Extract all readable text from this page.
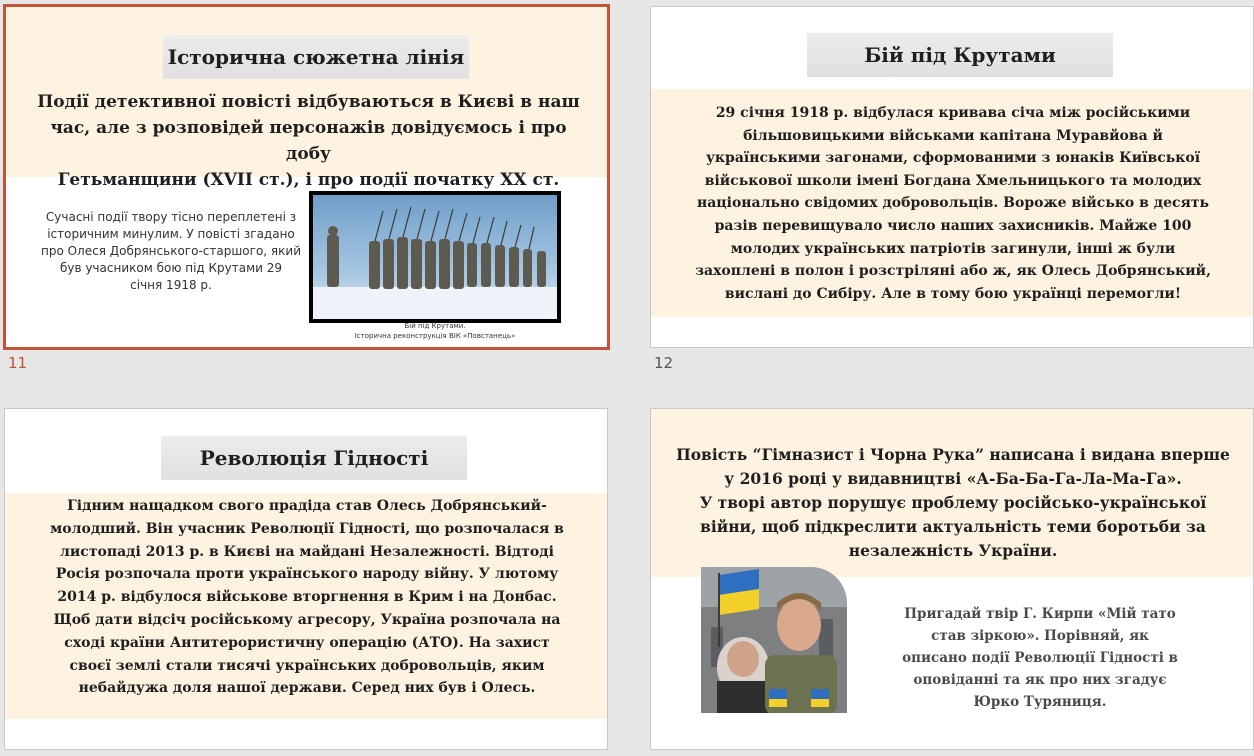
Історична сюжетна лінія
Події детективної повісті відбуваються в Києві в наш
час, але з розповідей персонажів довідуємось і про добу
Гетьманщини (XVII ст.), і про події початку XX ст.
Сучасні події твору тісно переплетені з
історичним минулим. У повісті згадано
про Олеся Добрянського-старшого, який
був учасником бою під Крутами 29
січня 1918 р.
Бій під Крутами.
Історична реконструкція ВІК «Повстанець»
11
Бій під Крутами
29 січня 1918 р. відбулася кривава січа між російськими
більшовицькими військами капітана Муравйова й
українськими загонами, сформованими з юнаків Київської
військової школи імені Богдана Хмельницького та молодих
національно свідомих добровольців. Вороже військо в десять
разів перевищувало число наших захисників. Майже 100
молодих українських патріотів загинули, інші ж були
захоплені в полон і розстріляні або ж, як Олесь Добрянський,
вислані до Сибіру. Але в тому бою українці перемогли!
12
Революція Гідності
Гідним нащадком свого прадіда став Олесь Добрянський-
молодший. Він учасник Революції Гідності, що розпочалася в
листопаді 2013 р. в Києві на майдані Незалежності. Відтоді
Росія розпочала проти українського народу війну. У лютому
2014 р. відбулося військове вторгнення в Крим і на Донбас.
Щоб дати відсіч російському агресору, Україна розпочала на
сході країни Антитерористичну операцію (АТО). На захист
своєї землі стали тисячі українських добровольців, яким
небайдужа доля нашої держави. Серед них був і Олесь.
Повість “Гімназист і Чорна Рука” написана і видана вперше
у 2016 році у видавництві «А-Ба-Ба-Га-Ла-Ма-Га».
У творі автор порушує проблему російсько-української
війни, щоб підкреслити актуальність теми боротьби за
незалежність України.
Пригадай твір Г. Кирпи «Мій тато
став зіркою». Порівняй, як
описано події Революції Гідності в
оповіданні та як про них згадує
Юрко Туряниця.
